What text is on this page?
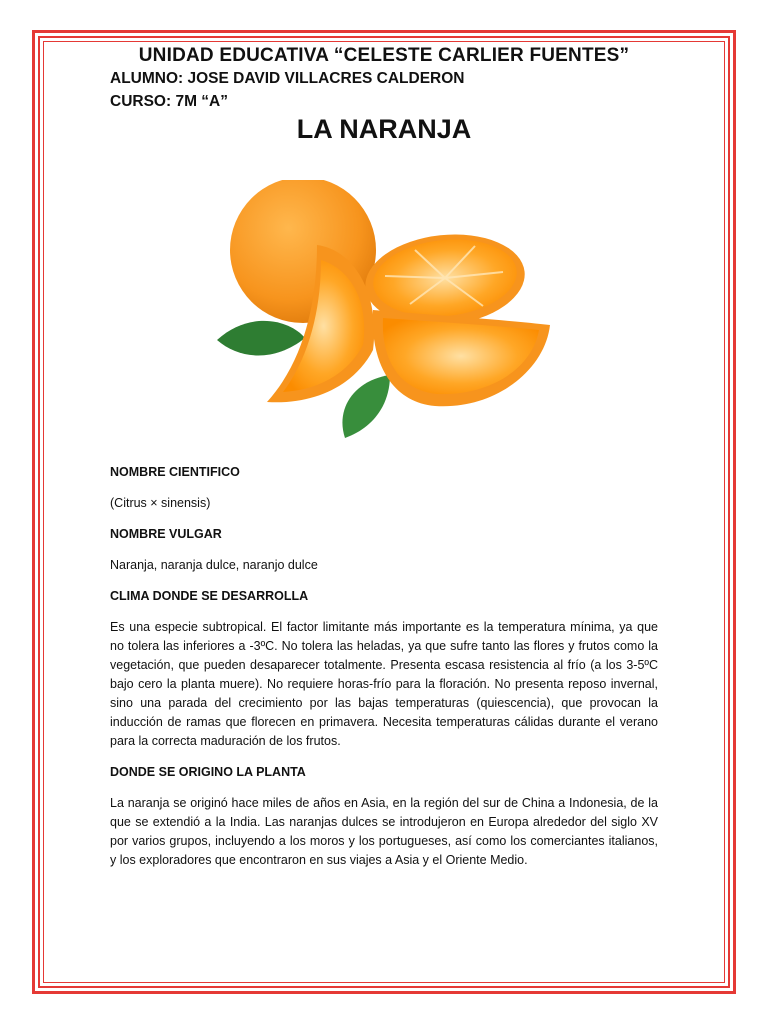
UNIDAD EDUCATIVA “CELESTE CARLIER FUENTES”
ALUMNO: JOSE DAVID VILLACRES CALDERON
CURSO: 7M “A”
LA NARANJA

NOMBRE CIENTIFICO

(Citrus × sinensis)

NOMBRE VULGAR

Naranja, naranja dulce, naranjo dulce

CLIMA DONDE SE DESARROLLA

Es una especie subtropical. El factor limitante más importante es la temperatura mínima, ya que no tolera las inferiores a -3ºC. No tolera las heladas, ya que sufre tanto las flores y frutos como la vegetación, que pueden desaparecer totalmente. Presenta escasa resistencia al frío (a los 3-5ºC bajo cero la planta muere). No requiere horas-frío para la floración. No presenta reposo invernal, sino una parada del crecimiento por las bajas temperaturas (quiescencia), que provocan la inducción de ramas que florecen en primavera. Necesita temperaturas cálidas durante el verano para la correcta maduración de los frutos.

DONDE SE ORIGINO LA PLANTA

La naranja se originó hace miles de años en Asia, en la región del sur de China a Indonesia, de la que se extendió a la India. Las naranjas dulces se introdujeron en Europa alrededor del siglo XV por varios grupos, incluyendo a los moros y los portugueses, así como los comerciantes italianos, y los exploradores que encontraron en sus viajes a Asia y el Oriente Medio.
